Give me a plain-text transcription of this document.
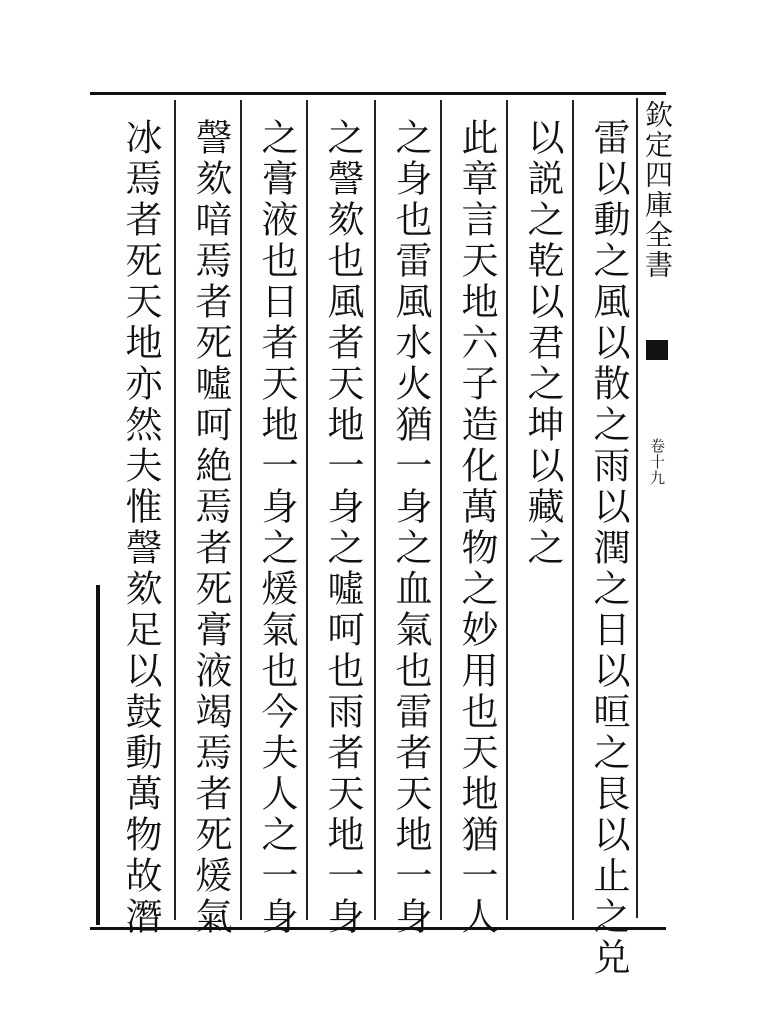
欽定四庫全書
卷十九
雷以動之風以散之雨以潤之日以晅之艮以止之兑
以説之乾以君之坤以藏之
此章言天地六子造化萬物之妙用也天地猶一人
之身也雷風水火猶一身之血氣也雷者天地一身
之謦欬也風者天地一身之噓呵也雨者天地一身
之膏液也日者天地一身之煖氣也今夫人之一身
謦欬喑焉者死噓呵絶焉者死膏液竭焉者死煖氣
冰焉者死天地亦然夫惟謦欬足以鼓動萬物故潛
